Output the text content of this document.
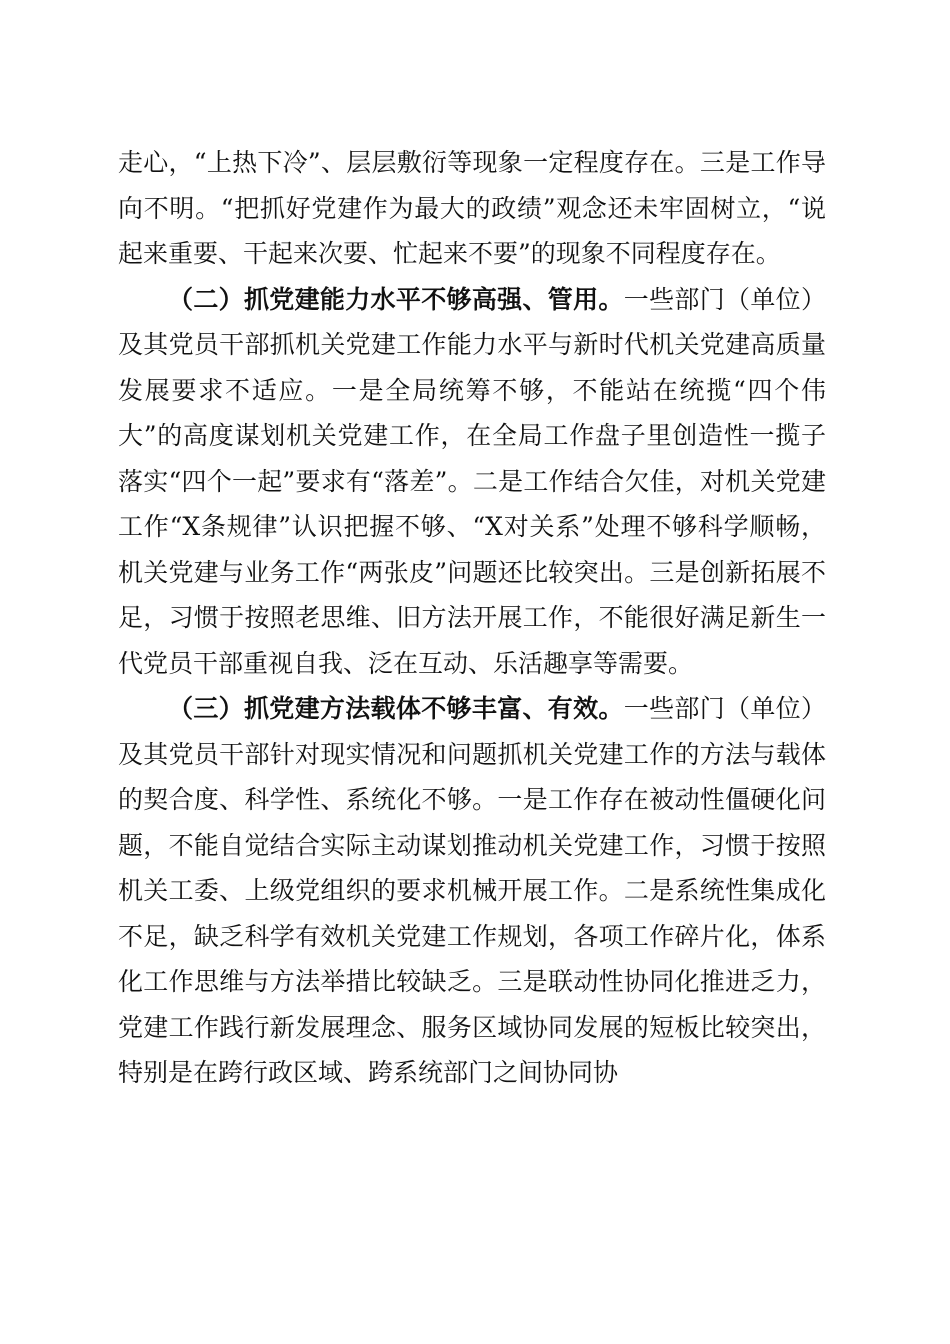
走心，“上热下冷”、层层敷衍等现象一定程度存在。三是工作导向不明。“把抓好党建作为最大的政绩”观念还未牢固树立，“说起来重要、干起来次要、忙起来不要”的现象不同程度存在。

（二）抓党建能力水平不够高强、管用。一些部门（单位）及其党员干部抓机关党建工作能力水平与新时代机关党建高质量发展要求不适应。一是全局统筹不够，不能站在统揽“四个伟大”的高度谋划机关党建工作，在全局工作盘子里创造性一揽子落实“四个一起”要求有“落差”。二是工作结合欠佳，对机关党建工作“X条规律”认识把握不够、“X对关系”处理不够科学顺畅，机关党建与业务工作“两张皮”问题还比较突出。三是创新拓展不足，习惯于按照老思维、旧方法开展工作，不能很好满足新生一代党员干部重视自我、泛在互动、乐活趣享等需要。

（三）抓党建方法载体不够丰富、有效。一些部门（单位）及其党员干部针对现实情况和问题抓机关党建工作的方法与载体的契合度、科学性、系统化不够。一是工作存在被动性僵硬化问题，不能自觉结合实际主动谋划推动机关党建工作，习惯于按照机关工委、上级党组织的要求机械开展工作。二是系统性集成化不足，缺乏科学有效机关党建工作规划，各项工作碎片化，体系化工作思维与方法举措比较缺乏。三是联动性协同化推进乏力，党建工作践行新发展理念、服务区域协同发展的短板比较突出，特别是在跨行政区域、跨系统部门之间协同协
